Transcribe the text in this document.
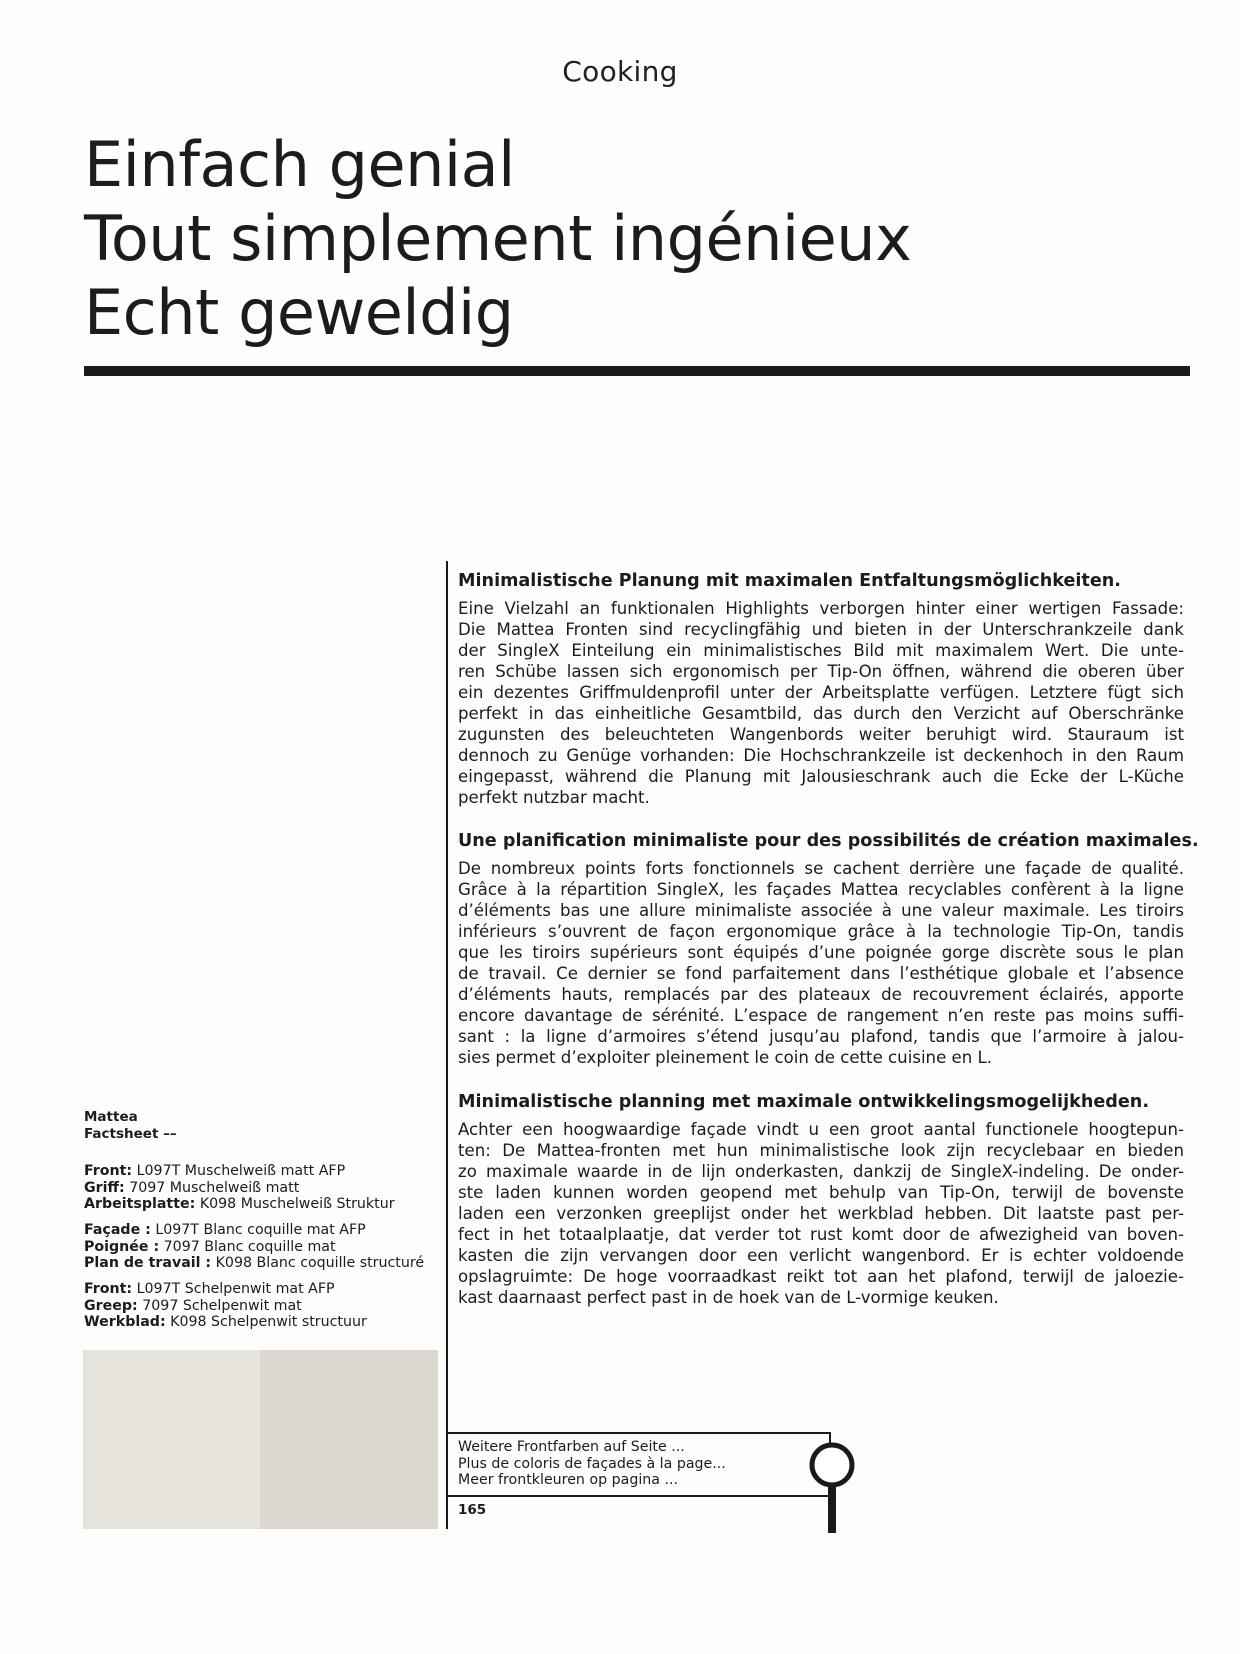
Cooking
Einfach genial
Tout simplement ingénieux
Echt geweldig

Minimalistische Planung mit maximalen Entfaltungsmöglichkeiten.

Eine Vielzahl an funktionalen Highlights verborgen hinter einer wertigen Fassade:
Die Mattea Fronten sind recyclingfähig und bieten in der Unterschrankzeile dank
der SingleX Einteilung ein minimalistisches Bild mit maximalem Wert. Die unte-
ren Schübe lassen sich ergonomisch per Tip-On öffnen, während die oberen über
ein dezentes Griffmuldenprofil unter der Arbeitsplatte verfügen. Letztere fügt sich
perfekt in das einheitliche Gesamtbild, das durch den Verzicht auf Oberschränke
zugunsten des beleuchteten Wangenbords weiter beruhigt wird. Stauraum ist
dennoch zu Genüge vorhanden: Die Hochschrankzeile ist deckenhoch in den Raum
eingepasst, während die Planung mit Jalousieschrank auch die Ecke der L-Küche
perfekt nutzbar macht.

Une planification minimaliste pour des possibilités de création maximales.

De nombreux points forts fonctionnels se cachent derrière une façade de qualité.
Grâce à la répartition SingleX, les façades Mattea recyclables confèrent à la ligne
d’éléments bas une allure minimaliste associée à une valeur maximale. Les tiroirs
inférieurs s’ouvrent de façon ergonomique grâce à la technologie Tip-On, tandis
que les tiroirs supérieurs sont équipés d’une poignée gorge discrète sous le plan
de travail. Ce dernier se fond parfaitement dans l’esthétique globale et l’absence
d’éléments hauts, remplacés par des plateaux de recouvrement éclairés, apporte
encore davantage de sérénité. L’espace de rangement n’en reste pas moins suffi-
sant : la ligne d’armoires s’étend jusqu’au plafond, tandis que l’armoire à jalou-
sies permet d’exploiter pleinement le coin de cette cuisine en L.

Minimalistische planning met maximale ontwikkelingsmogelijkheden.

Achter een hoogwaardige façade vindt u een groot aantal functionele hoogtepun-
ten: De Mattea-fronten met hun minimalistische look zijn recyclebaar en bieden
zo maximale waarde in de lijn onderkasten, dankzij de SingleX-indeling. De onder-
ste laden kunnen worden geopend met behulp van Tip-On, terwijl de bovenste
laden een verzonken greeplijst onder het werkblad hebben. Dit laatste past per-
fect in het totaalplaatje, dat verder tot rust komt door de afwezigheid van boven-
kasten die zijn vervangen door een verlicht wangenbord. Er is echter voldoende
opslagruimte: De hoge voorraadkast reikt tot aan het plafond, terwijl de jaloezie-
kast daarnaast perfect past in de hoek van de L-vormige keuken.

Mattea
Factsheet ––
Front: L097T Muschelweiß matt AFP
Griff: 7097 Muschelweiß matt
Arbeitsplatte: K098 Muschelweiß Struktur
Façade : L097T Blanc coquille mat AFP
Poignée : 7097 Blanc coquille mat
Plan de travail : K098 Blanc coquille structuré
Front: L097T Schelpenwit mat AFP
Greep: 7097 Schelpenwit mat
Werkblad: K098 Schelpenwit structuur
Weitere Frontfarben auf Seite ...
Plus de coloris de façades à la page...
Meer frontkleuren op pagina ...
165
